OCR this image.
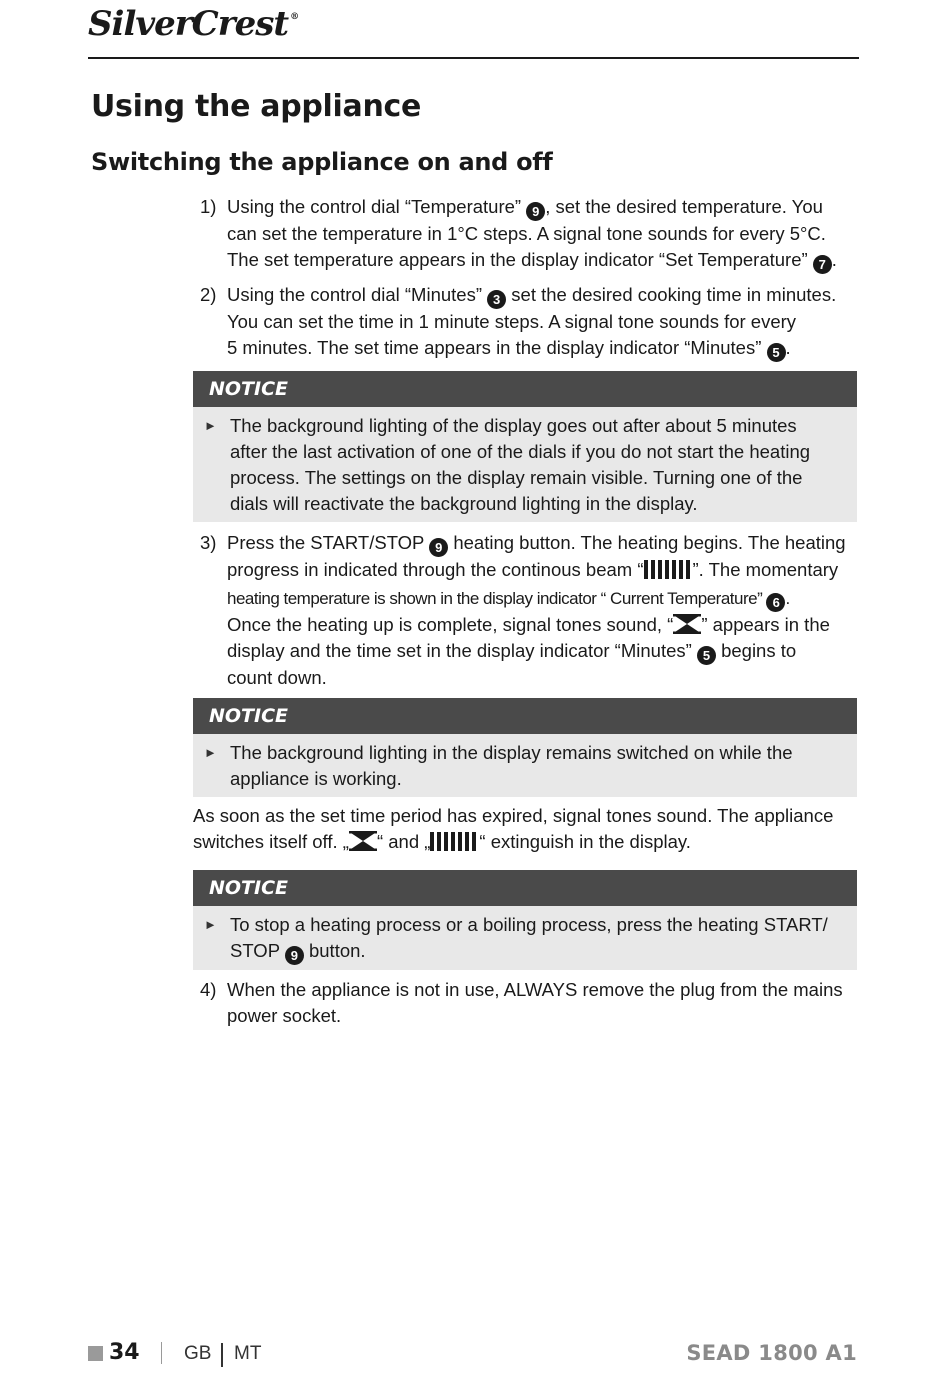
SilverCrest ®
Using the appliance
Switching the appliance on and off
1) Using the control dial “Temperature” 9 , set the desired temperature. You
can set the temperature in 1°C steps. A signal tone sounds for every 5°C.
The set temperature appears in the display indicator “Set Temperature” 7 .
2) Using the control dial “Minutes” 3 set the desired cooking time in minutes.
You can set the time in 1 minute steps. A signal tone sounds for every
5 minutes. The set time appears in the display indicator “Minutes” 5 .
NOTICE
► The background lighting of the display goes out after about 5 minutes
after the last activation of one of the dials if you do not start the heating
process. The settings on the display remain visible. Turning one of the
dials will reactivate the background lighting in the display.
3) Press the START/STOP 9 heating button. The heating begins. The heating
progress in indicated through the continous beam “	”. The momentary
heating temperature is shown in the display indicator “ Current Temperature” 6 .
Once the heating up is complete, signal tones sound, “ ” appears in the
display and the time set in the display indicator “Minutes” 5 begins to
count down.
NOTICE
► The background lighting in the display remains switched on while the
appliance is working.
As soon as the set time period has expired, signal tones sound. The appliance
switches itself off. „ “ and „	“ extinguish in the display.
NOTICE
► To stop a heating process or a boiling process, press the heating START/
STOP 9 button.
4) When the appliance is not in use, ALWAYS remove the plug from the mains
power socket.
34 GB MT	SEAD 1800 A1
